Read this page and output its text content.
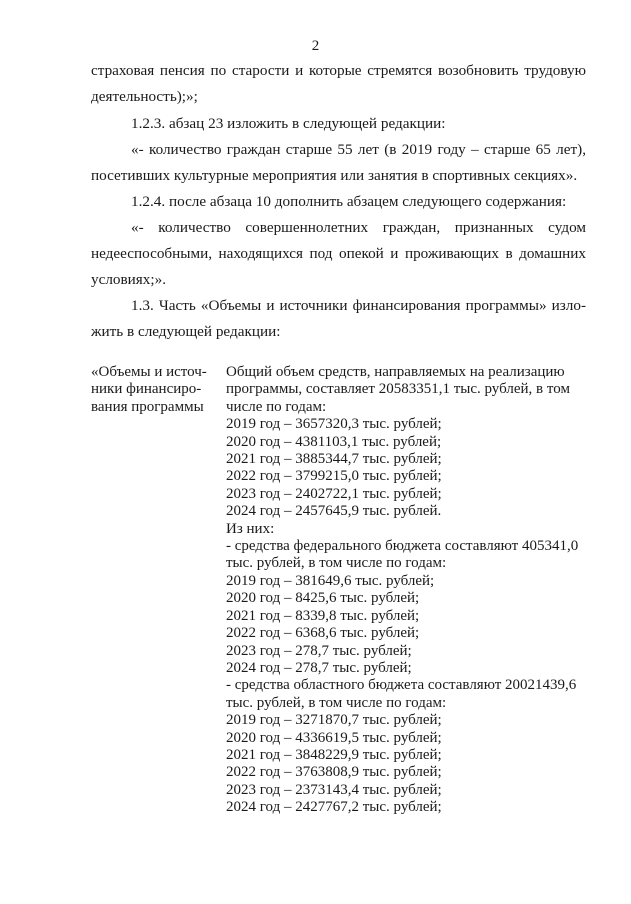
2

страховая пенсия по старости и которые стремятся возобновить трудовую

деятельность);»;

1.2.3. абзац 23 изложить в следующей редакции:

«- количество граждан старше 55 лет (в 2019 году – старше 65 лет),

посетивших культурные мероприятия или занятия в спортивных секциях».

1.2.4. после абзаца 10 дополнить абзацем следующего содержания:

«- количество совершеннолетних граждан, признанных судом

недееспособными, находящихся под опекой и проживающих в домашних

условиях;».

1.3. Часть «Объемы и источники финансирования программы» изло-

жить в следующей редакции:

«Объемы и источ-
ники финансиро-
вания программы
Общий объем средств, направляемых на реализацию
программы, составляет 20583351,1 тыс. рублей, в том
числе по годам:
2019 год – 3657320,3 тыс. рублей;
2020 год – 4381103,1 тыс. рублей;
2021 год – 3885344,7 тыс. рублей;
2022 год – 3799215,0 тыс. рублей;
2023 год – 2402722,1 тыс. рублей;
2024 год – 2457645,9 тыс. рублей.
Из них:
- средства федерального бюджета составляют 405341,0
тыс. рублей, в том числе по годам:
2019 год – 381649,6 тыс. рублей;
2020 год – 8425,6 тыс. рублей;
2021 год – 8339,8 тыс. рублей;
2022 год – 6368,6 тыс. рублей;
2023 год – 278,7 тыс. рублей;
2024 год – 278,7 тыс. рублей;
- средства областного бюджета составляют 20021439,6
тыс. рублей, в том числе по годам:
2019 год – 3271870,7 тыс. рублей;
2020 год – 4336619,5 тыс. рублей;
2021 год – 3848229,9 тыс. рублей;
2022 год – 3763808,9 тыс. рублей;
2023 год – 2373143,4 тыс. рублей;
2024 год – 2427767,2 тыс. рублей;
